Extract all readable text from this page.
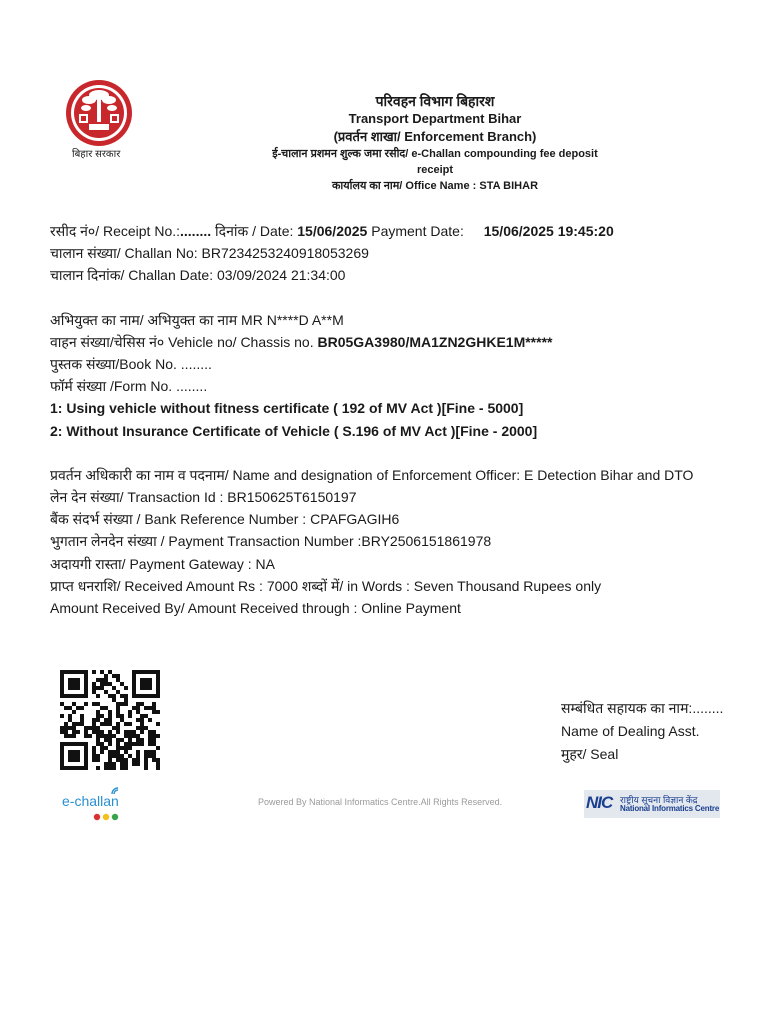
बिहार सरकार
परिवहन विभाग बिहारश
Transport Department Bihar
(प्रवर्तन शाखा/ Enforcement Branch)
ई-चालान प्रशमन शुल्क जमा रसीद/ e-Challan compounding fee deposit
receipt
कार्यालय का नाम/ Office Name : STA BIHAR
रसीद नं०/ Receipt No.:........ दिनांक / Date: 15/06/2025 Payment Date: 15/06/2025 19:45:20
चालान संख्या/ Challan No: BR7234253240918053269
चालान दिनांक/ Challan Date: 03/09/2024 21:34:00
अभियुक्त का नाम/ अभियुक्त का नाम MR N****D A**M
वाहन संख्या/चेसिस नं० Vehicle no/ Chassis no. BR05GA3980/MA1ZN2GHKE1M*****
पुस्तक संख्या/Book No. ........
फॉर्म संख्या /Form No. ........
1: Using vehicle without fitness certificate ( 192 of MV Act )[Fine - 5000]
2: Without Insurance Certificate of Vehicle ( S.196 of MV Act )[Fine - 2000]
प्रवर्तन अधिकारी का नाम व पदनाम/ Name and designation of Enforcement Officer: E Detection Bihar and DTO
लेन देन संख्या/ Transaction Id : BR150625T6150197
बैंक संदर्भ संख्या / Bank Reference Number : CPAFGAGIH6
भुगतान लेनदेन संख्या / Payment Transaction Number :BRY2506151861978
अदायगी रास्ता/ Payment Gateway : NA
प्राप्त धनराशि/ Received Amount Rs : 7000 शब्दों में/ in Words : Seven Thousand Rupees only
Amount Received By/ Amount Received through : Online Payment
सम्बंधित सहायक का नाम:........
Name of Dealing Asst.
मुहर/ Seal
e-challan	Powered By National Informatics Centre.All Rights Reserved.	NIC राष्ट्रीय सूचना विज्ञान केंद्र
National Informatics Centre
